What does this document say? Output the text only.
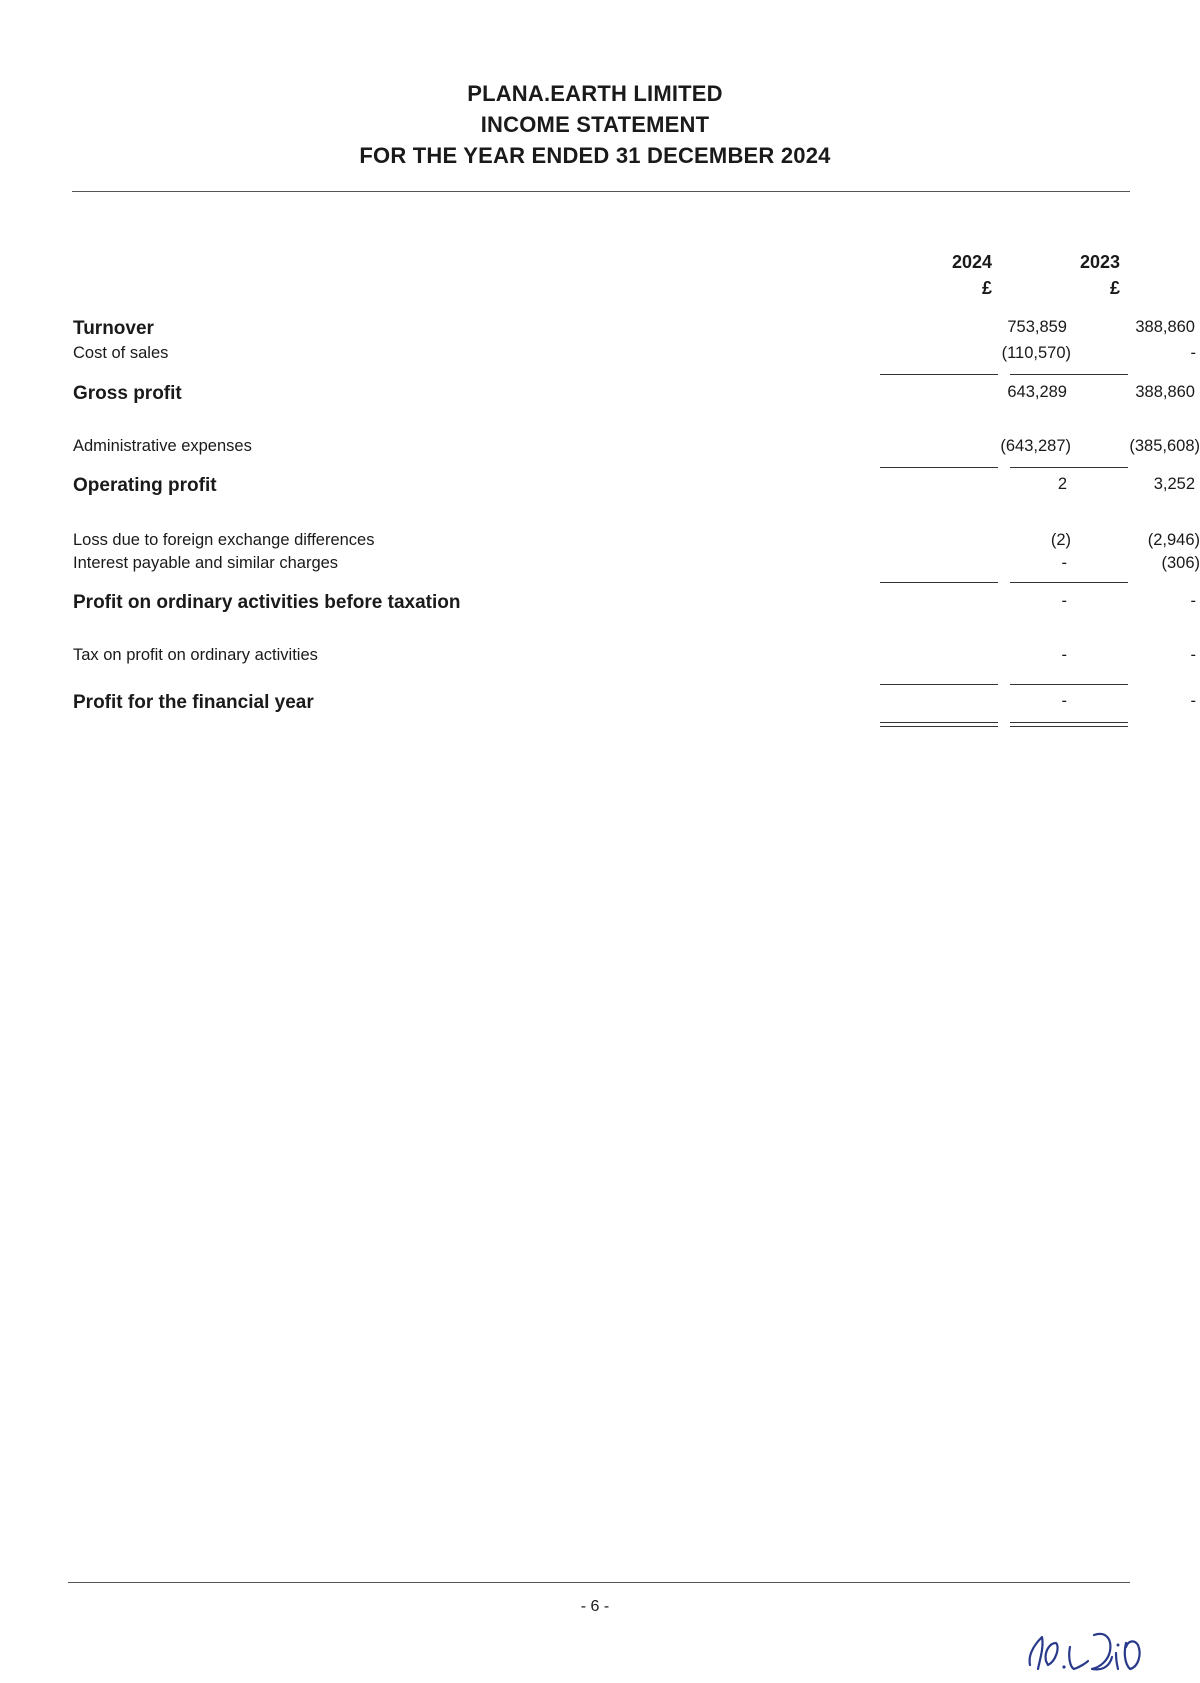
PLANA.EARTH LIMITED
INCOME STATEMENT
FOR THE YEAR ENDED 31 DECEMBER 2024
2024	2023
£	£
Turnover	753,859	388,860
Cost of sales	(110,570)	-
Gross profit	643,289	388,860
Administrative expenses	(643,287)	(385,608)
Operating profit	2	3,252
Loss due to foreign exchange differences	(2)	(2,946)
Interest payable and similar charges	-	(306)
Profit on ordinary activities before taxation	-	-
Tax on profit on ordinary activities	-	-
Profit for the financial year	-	-
- 6 -
